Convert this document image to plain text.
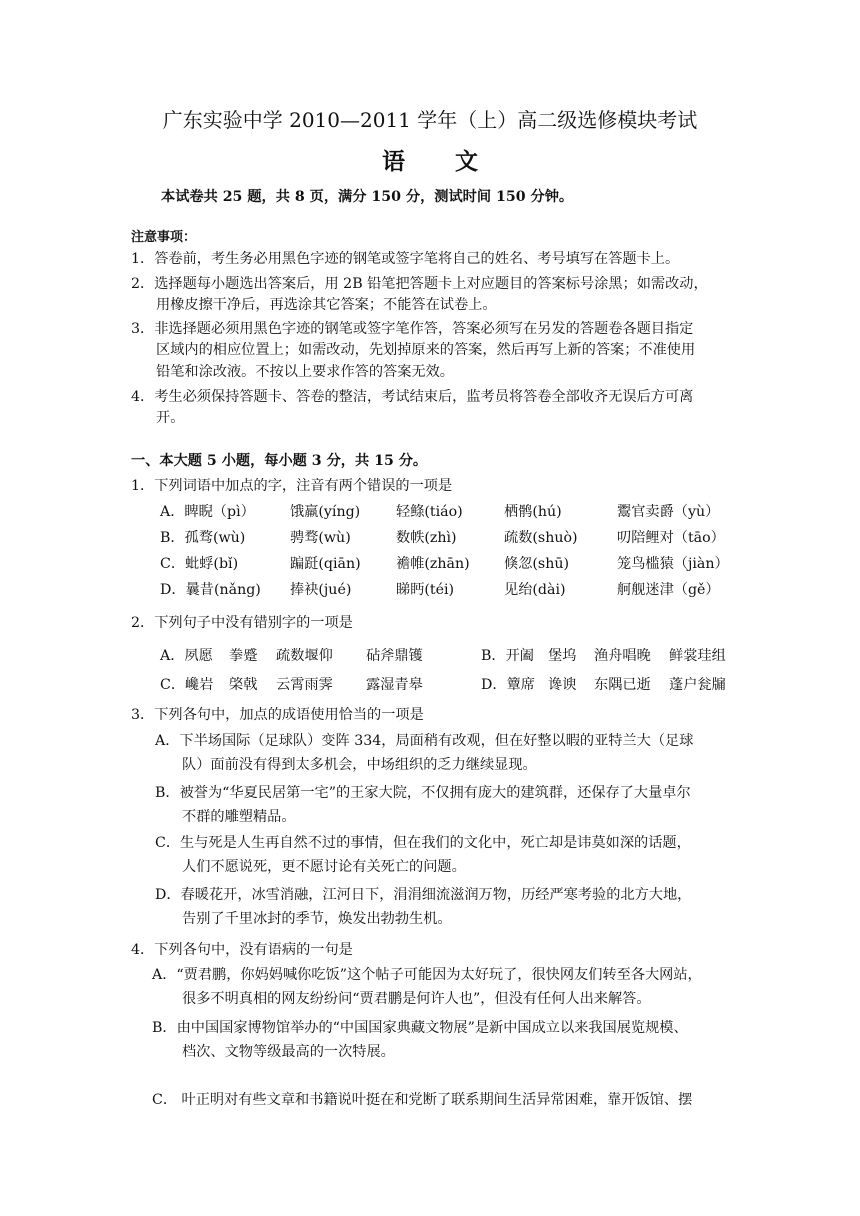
广东实验中学 2010—2011 学年（上）高二级选修模块考试
语文
本试卷共 25 题，共 8 页，满分 150 分，测试时间 150 分钟。
注意事项：
1．答卷前，考生务必用黑色字迹的钢笔或签字笔将自己的姓名、考号填写在答题卡上。
2．选择题每小题选出答案后，用 2B 铅笔把答题卡上对应题目的答案标号涂黑；如需改动，
用橡皮擦干净后，再选涂其它答案；不能答在试卷上。
3．非选择题必须用黑色字迹的钢笔或签字笔作答，答案必须写在另发的答题卷各题目指定
区域内的相应位置上；如需改动，先划掉原来的答案，然后再写上新的答案；不准使用
铅笔和涂改液。不按以上要求作答的答案无效。
4．考生必须保持答题卡、答卷的整洁，考试结束后，监考员将答卷全部收齐无误后方可离
开。
一、本大题 5 小题，每小题 3 分，共 15 分。
1．下列词语中加点的字，注音有两个错误的一项是
A．睥睨（pì） 饿羸(yíng)	轻鲦(tiáo)	栖鹘(hú)	鬻官卖爵（yù）
B．孤骛(wù)	骋骛(wù)	数帙(zhì)	疏数(shuò)	叨陪鲤对（tāo）
C．蚍蜉(bǐ)	蹁跹(qiān) 襜帷(zhān) 倏忽(shū)	笼鸟槛猿（jiàn）
D．曩昔(nǎng) 捧袂(jué)	睇眄(téi)	见绐(dài)	舸舰迷津（gě）
2．下列句子中没有错别字的一项是
A．夙愿 拳蹙 疏数堰仰 砧斧鼎镬	B．开阖 堡坞 渔舟唱晚 鲜裳珪组
C．巉岩 棨戟 云霄雨霁 露湿青皋	D．簟席 谗谀 东隅已逝 蓬户瓮牖
3．下列各句中，加点的成语使用恰当的一项是
A．下半场国际（足球队）变阵 334，局面稍有改观，但在好整以暇的亚特兰大（足球
队）面前没有得到太多机会，中场组织的乏力继续显现。
B．被誉为“华夏民居第一宅”的王家大院，不仅拥有庞大的建筑群，还保存了大量卓尔
不群的雕塑精品。
C．生与死是人生再自然不过的事情，但在我们的文化中，死亡却是讳莫如深的话题，
人们不愿说死，更不愿讨论有关死亡的问题。
D．春暖花开，冰雪消融，江河日下，涓涓细流滋润万物，历经严寒考验的北方大地，
告别了千里冰封的季节，焕发出勃勃生机。
4．下列各句中，没有语病的一句是
A．“贾君鹏，你妈妈喊你吃饭”这个帖子可能因为太好玩了，很快网友们转至各大网站，
很多不明真相的网友纷纷问“贾君鹏是何许人也”，但没有任何人出来解答。
B．由中国国家博物馆举办的“中国国家典藏文物展”是新中国成立以来我国展览规模、
档次、文物等级最高的一次特展。
C． 叶正明对有些文章和书籍说叶挺在和党断了联系期间生活异常困难，靠开饭馆、摆
